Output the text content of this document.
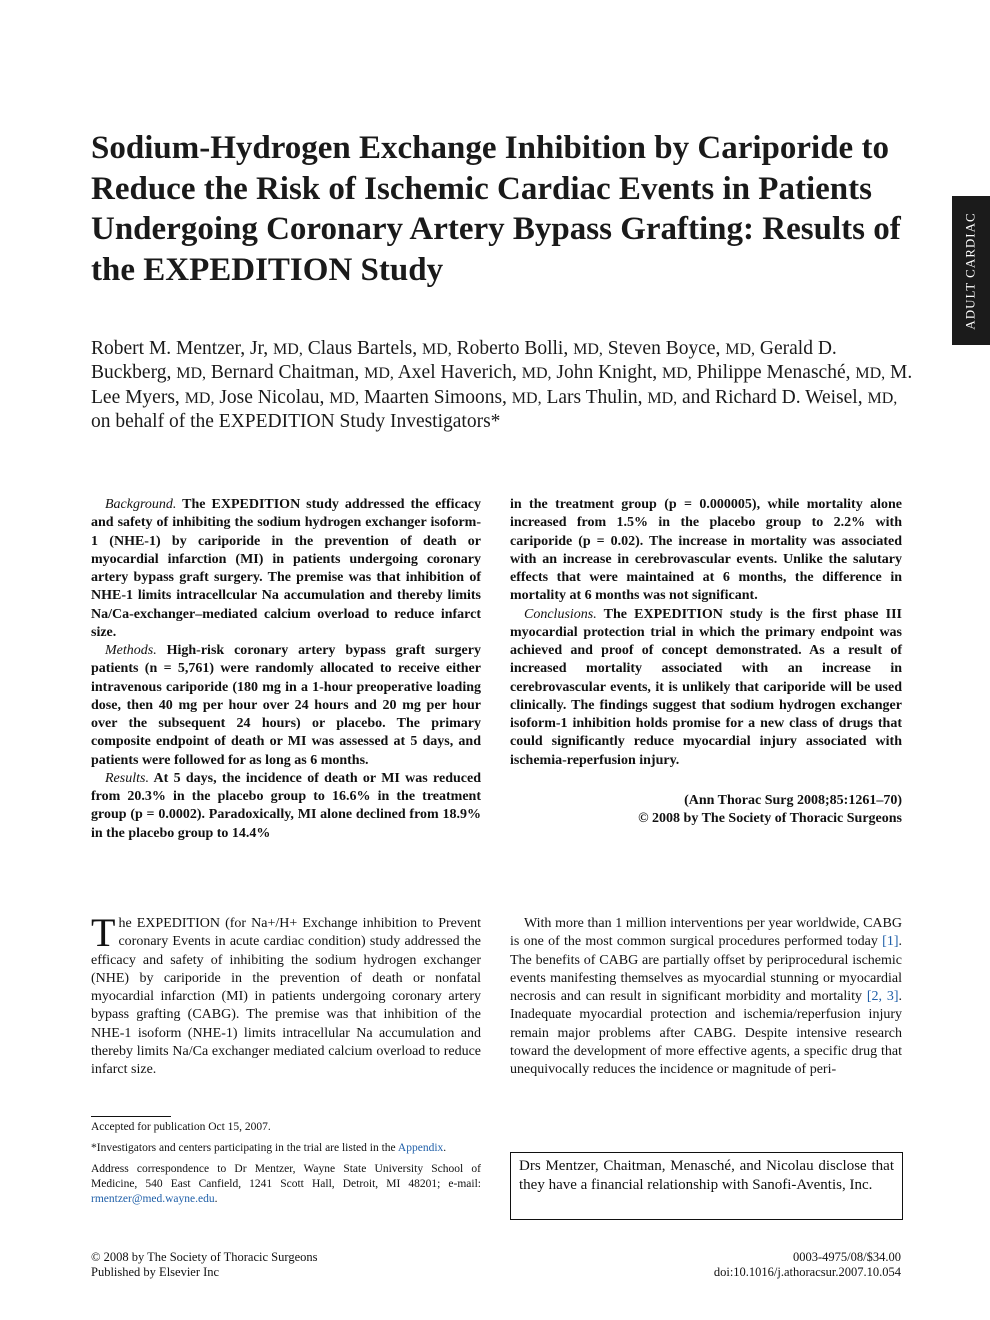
ADULT CARDIAC
Sodium-Hydrogen Exchange Inhibition by Cariporide to Reduce the Risk of Ischemic Cardiac Events in Patients Undergoing Coronary Artery Bypass Grafting: Results of the EXPEDITION Study

Robert M. Mentzer, Jr, MD, Claus Bartels, MD, Roberto Bolli, MD, Steven Boyce, MD, Gerald D. Buckberg, MD, Bernard Chaitman, MD, Axel Haverich, MD, John Knight, MD, Philippe Menasché, MD, M. Lee Myers, MD, Jose Nicolau, MD, Maarten Simoons, MD, Lars Thulin, MD, and Richard D. Weisel, MD, on behalf of the EXPEDITION Study Investigators*

Background. The EXPEDITION study addressed the efficacy and safety of inhibiting the sodium hydrogen exchanger isoform-1 (NHE-1) by cariporide in the prevention of death or myocardial infarction (MI) in patients undergoing coronary artery bypass graft surgery. The premise was that inhibition of NHE-1 limits intracellcular Na accumulation and thereby limits Na/Ca-exchanger–mediated calcium overload to reduce infarct size.

Methods. High-risk coronary artery bypass graft surgery patients (n = 5,761) were randomly allocated to receive either intravenous cariporide (180 mg in a 1-hour preoperative loading dose, then 40 mg per hour over 24 hours and 20 mg per hour over the subsequent 24 hours) or placebo. The primary composite endpoint of death or MI was assessed at 5 days, and patients were followed for as long as 6 months.

Results. At 5 days, the incidence of death or MI was reduced from 20.3% in the placebo group to 16.6% in the treatment group (p = 0.0002). Paradoxically, MI alone declined from 18.9% in the placebo group to 14.4%

in the treatment group (p = 0.000005), while mortality alone increased from 1.5% in the placebo group to 2.2% with cariporide (p = 0.02). The increase in mortality was associated with an increase in cerebrovascular events. Unlike the salutary effects that were maintained at 6 months, the difference in mortality at 6 months was not significant.

Conclusions. The EXPEDITION study is the first phase III myocardial protection trial in which the primary endpoint was achieved and proof of concept demonstrated. As a result of increased mortality associated with an increase in cerebrovascular events, it is unlikely that cariporide will be used clinically. The findings suggest that sodium hydrogen exchanger isoform-1 inhibition holds promise for a new class of drugs that could significantly reduce myocardial injury associated with ischemia-reperfusion injury.

(Ann Thorac Surg 2008;85:1261–70)

© 2008 by The Society of Thoracic Surgeons

The EXPEDITION (for Na+/H+ Exchange inhibition to Prevent coronary Events in acute cardiac condition) study addressed the efficacy and safety of inhibiting the sodium hydrogen exchanger (NHE) by cariporide in the prevention of death or nonfatal myocardial infarction (MI) in patients undergoing coronary artery bypass grafting (CABG). The premise was that inhibition of the NHE-1 isoform (NHE-1) limits intracellular Na accumulation and thereby limits Na/Ca exchanger mediated calcium overload to reduce infarct size.

With more than 1 million interventions per year worldwide, CABG is one of the most common surgical procedures performed today [1]. The benefits of CABG are partially offset by periprocedural ischemic events manifesting themselves as myocardial stunning or myocardial necrosis and can result in significant morbidity and mortality [2, 3]. Inadequate myocardial protection and ischemia/reperfusion injury remain major problems after CABG. Despite intensive research toward the development of more effective agents, a specific drug that unequivocally reduces the incidence or magnitude of peri-

Accepted for publication Oct 15, 2007.

*Investigators and centers participating in the trial are listed in the Appendix.

Address correspondence to Dr Mentzer, Wayne State University School of Medicine, 540 East Canfield, 1241 Scott Hall, Detroit, MI 48201; e-mail: rmentzer@med.wayne.edu.

Drs Mentzer, Chaitman, Menasché, and Nicolau disclose that they have a financial relationship with Sanofi-Aventis, Inc.

© 2008 by The Society of Thoracic Surgeons

Published by Elsevier Inc

0003-4975/08/$34.00

doi:10.1016/j.athoracsur.2007.10.054
